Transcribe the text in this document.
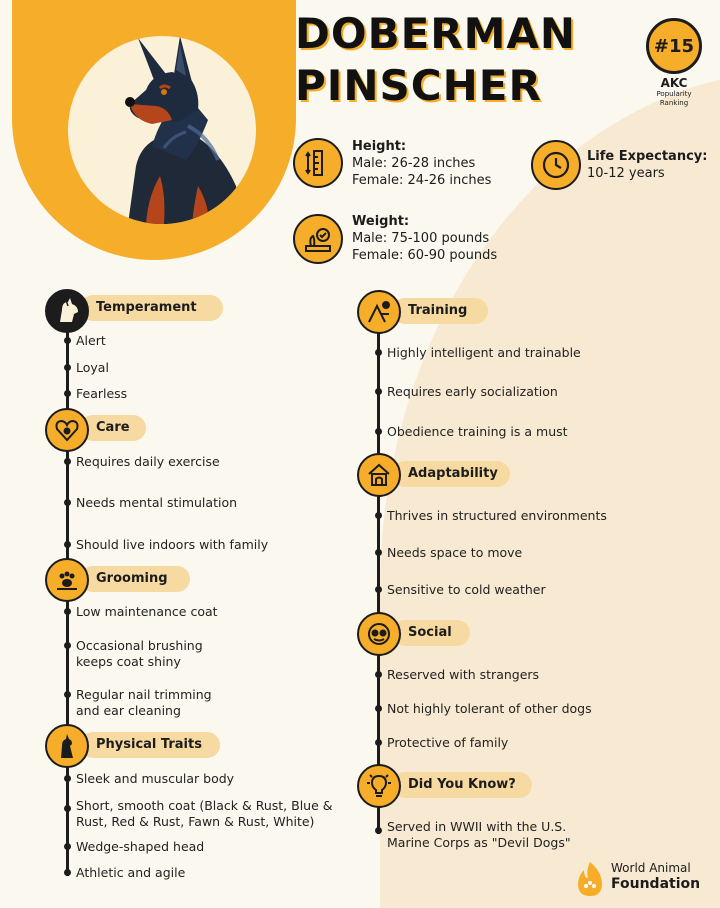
DOBERMAN
PINSCHER
#15
AKC
Popularity
Ranking
Height:
Male: 26-28 inches
Female: 24-26 inches
Life Expectancy:
10-12 years
Weight:
Male: 75-100 pounds
Female: 60-90 pounds
Temperament
Alert
Loyal
Fearless
Care
Requires daily exercise
Needs mental stimulation
Should live indoors with family
Grooming
Low maintenance coat
Occasional brushing
keeps coat shiny
Regular nail trimming
and ear cleaning
Physical Traits
Sleek and muscular body
Short, smooth coat (Black & Rust, Blue &
Rust, Red & Rust, Fawn & Rust, White)
Wedge-shaped head
Athletic and agile
Training
Highly intelligent and trainable
Requires early socialization
Obedience training is a must
Adaptability
Thrives in structured environments
Needs space to move
Sensitive to cold weather
Social
Reserved with strangers
Not highly tolerant of other dogs
Protective of family
Did You Know?
Served in WWII with the U.S.
Marine Corps as "Devil Dogs"
World Animal
Foundation
